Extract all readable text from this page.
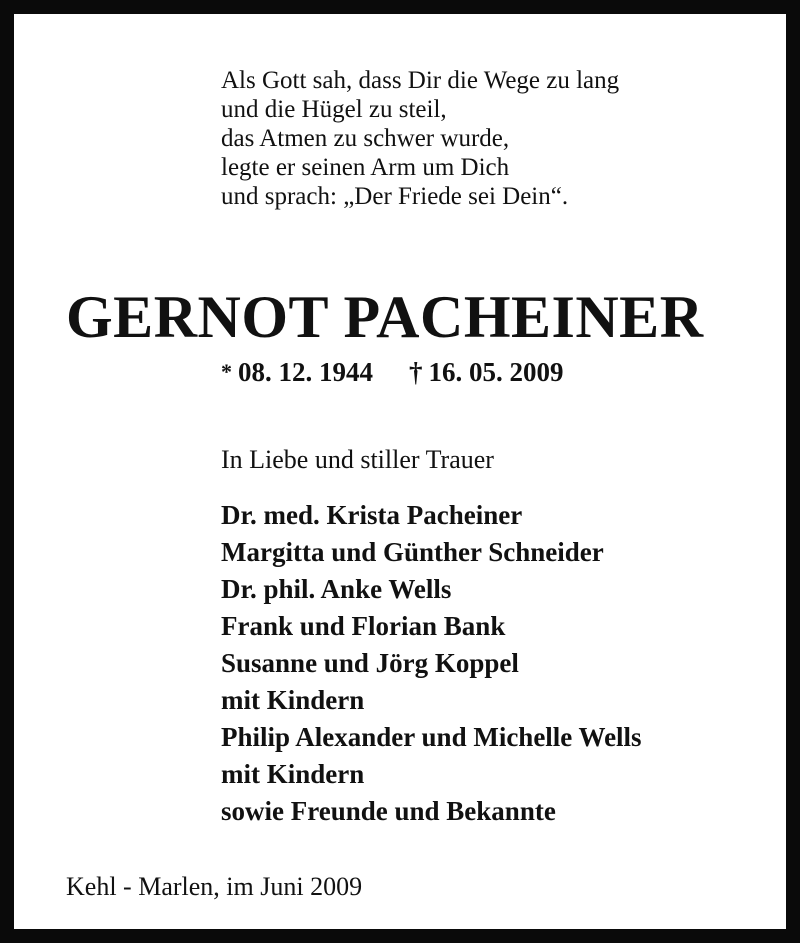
Als Gott sah, dass Dir die Wege zu lang
und die Hügel zu steil,
das Atmen zu schwer wurde,
legte er seinen Arm um Dich
und sprach: „Der Friede sei Dein“.
GERNOT PACHEINER
* 08. 12. 1944 † 16. 05. 2009
In Liebe und stiller Trauer
Dr. med. Krista Pacheiner
Margitta und Günther Schneider
Dr. phil. Anke Wells
Frank und Florian Bank
Susanne und Jörg Koppel
mit Kindern
Philip Alexander und Michelle Wells
mit Kindern
sowie Freunde und Bekannte
Kehl - Marlen, im Juni 2009
